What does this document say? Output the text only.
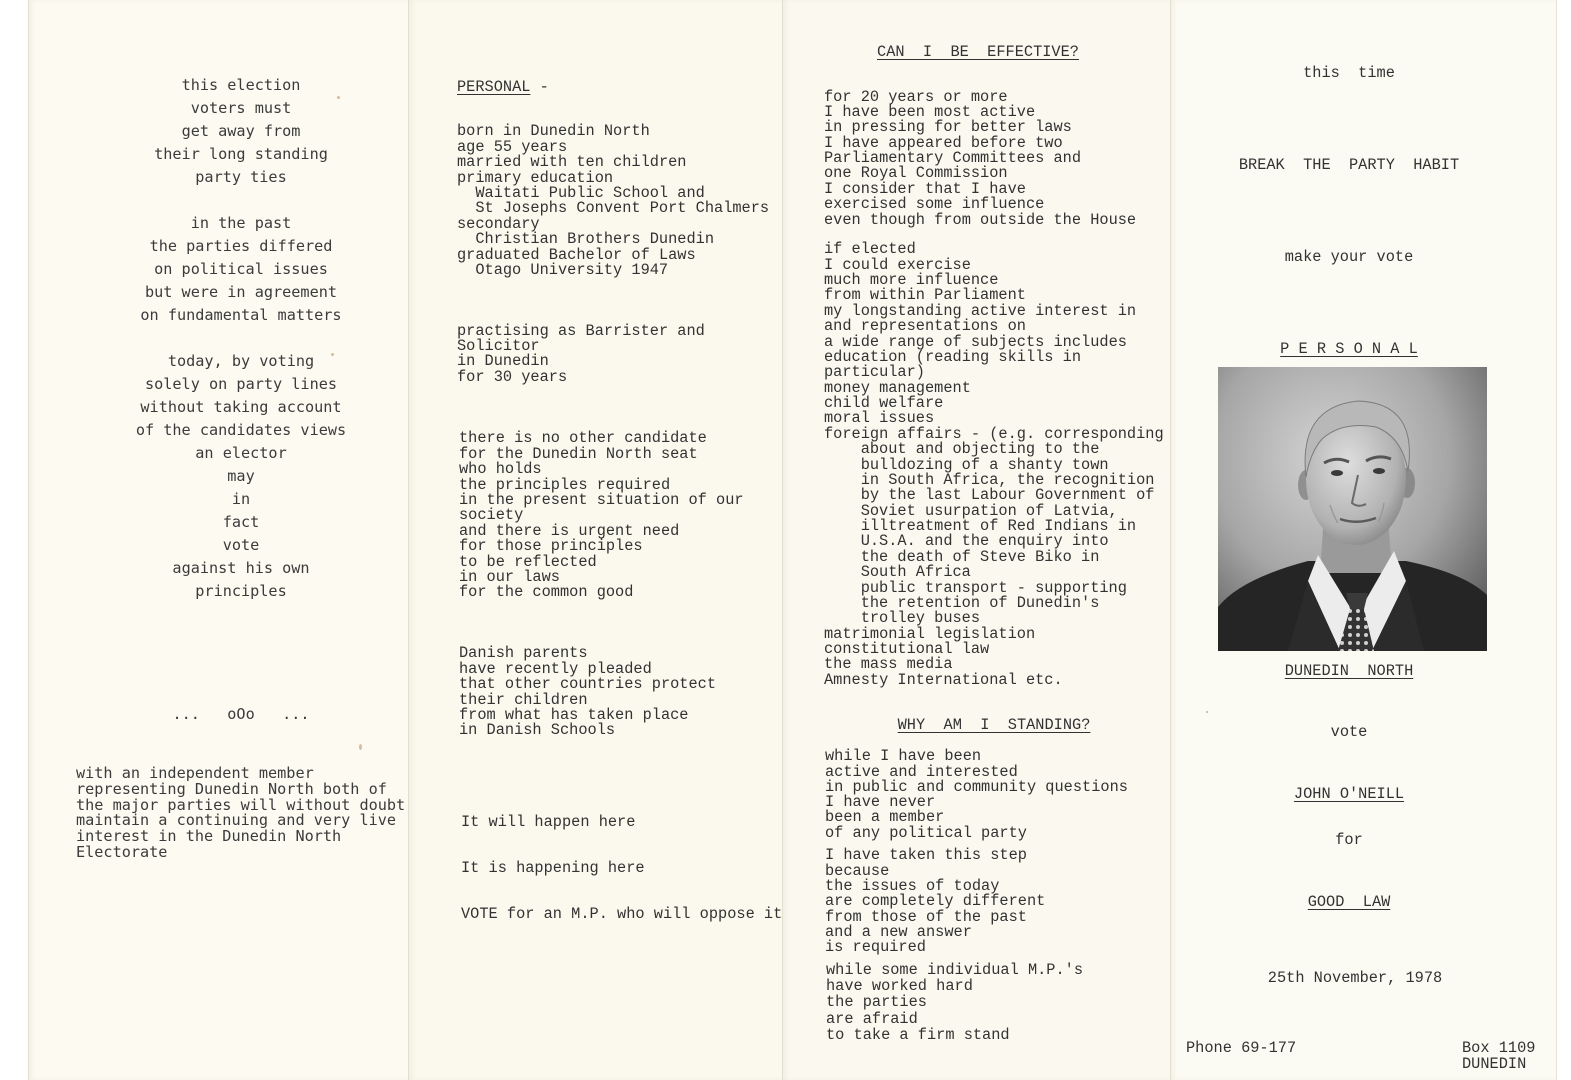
this election
voters must
get away from
their long standing
party ties
in the past
the parties differed
on political issues
but were in agreement
on fundamental matters
today, by voting
solely on party lines
without taking account
of the candidates views
an elector
may
in
fact
vote
against his own
principles
... oOo ...
with an independent member
representing Dunedin North both of
the major parties will without doubt
maintain a continuing and very live
interest in the Dunedin North
Electorate
PERSONAL -
born in Dunedin North
age 55 years
married with ten children
primary education
Waitati Public School and
St Josephs Convent Port Chalmers
secondary
Christian Brothers Dunedin
graduated Bachelor of Laws
Otago University 1947
practising as Barrister and
Solicitor
in Dunedin
for 30 years
there is no other candidate
for the Dunedin North seat
who holds
the principles required
in the present situation of our
society
and there is urgent need
for those principles
to be reflected
in our laws
for the common good
Danish parents
have recently pleaded
that other countries protect
their children
from what has taken place
in Danish Schools
It will happen here
It is happening here
VOTE for an M.P. who will oppose it
CAN I BE EFFECTIVE?
for 20 years or more
I have been most active
in pressing for better laws
I have appeared before two
Parliamentary Committees and
one Royal Commission
I consider that I have
exercised some influence
even though from outside the House
if elected
I could exercise
much more influence
from within Parliament
my longstanding active interest in
and representations on
a wide range of subjects includes
education (reading skills in
particular)
money management
child welfare
moral issues
foreign affairs - (e.g. corresponding
about and objecting to the
bulldozing of a shanty town
in South Africa, the recognition
by the last Labour Government of
Soviet usurpation of Latvia,
illtreatment of Red Indians in
U.S.A. and the enquiry into
the death of Steve Biko in
South Africa
public transport - supporting
the retention of Dunedin's
trolley buses
matrimonial legislation
constitutional law
the mass media
Amnesty International etc.
WHY AM I STANDING?
while I have been
active and interested
in public and community questions
I have never
been a member
of any political party
I have taken this step
because
the issues of today
are completely different
from those of the past
and a new answer
is required
while some individual M.P.'s
have worked hard
the parties
are afraid
to take a firm stand
this time
BREAK THE PARTY HABIT
make your vote
P E R S O N A L
DUNEDIN NORTH
vote
JOHN O'NEILL
for
GOOD LAW
25th November, 1978
Phone 69-177	Box 1109
DUNEDIN
